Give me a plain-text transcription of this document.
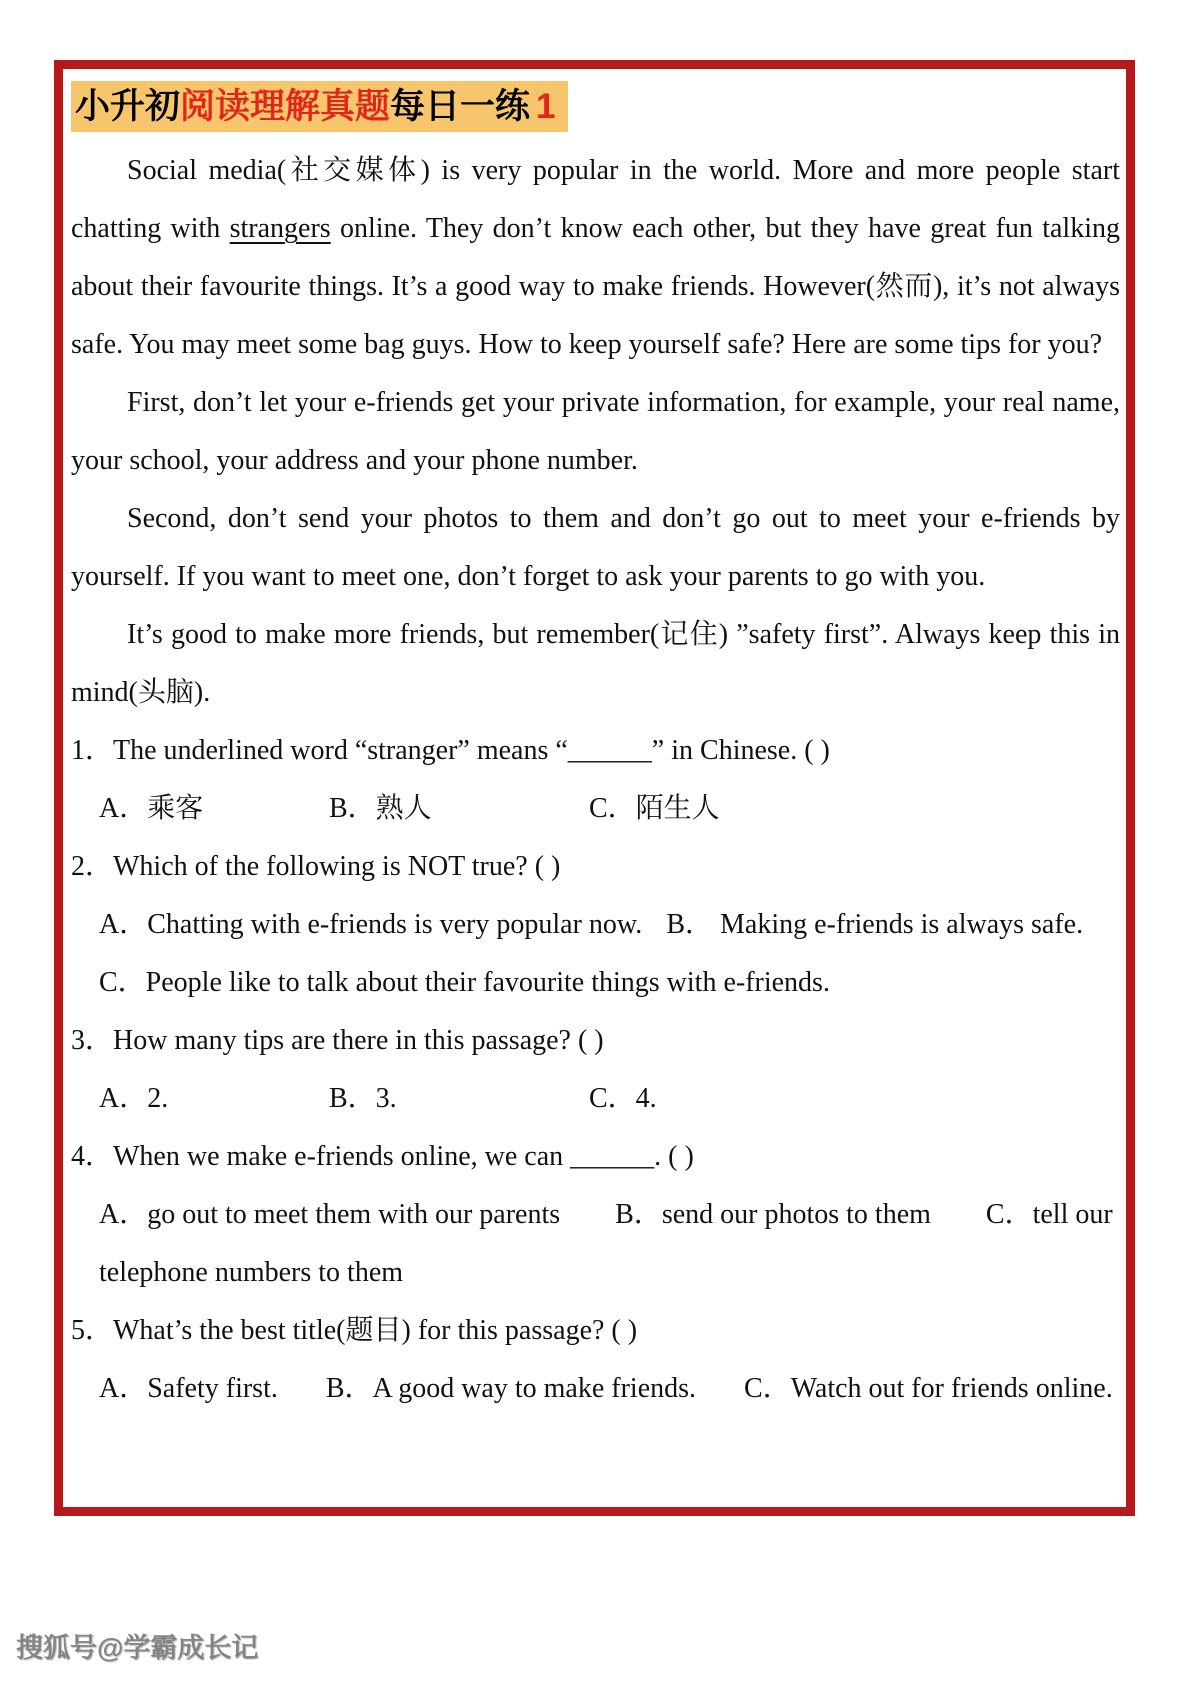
小升初阅读理解真题每日一练 1

Social media(社交媒体) is very popular in the world. More and more people start chatting with strangers online. They don’t know each other, but they have great fun talking about their favourite things. It’s a good way to make friends. However(然而), it’s not always safe. You may meet some bag guys. How to keep yourself safe? Here are some tips for you?

First, don’t let your e-friends get your private information, for example, your real name, your school, your address and your phone number.

Second, don’t send your photos to them and don’t go out to meet your e-friends by yourself. If you want to meet one, don’t forget to ask your parents to go with you.

It’s good to make more friends, but remember(记住) ”safety first”. Always keep this in mind(头脑).

1．The underlined word “stranger” means “______” in Chinese. ( )

A．乘客	B．熟人	C．陌生人

2．Which of the following is NOT true? ( )

A．Chatting with e-friends is very popular now. B． Making e-friends is always safe.
C．People like to talk about their favourite things with e-friends.

3．How many tips are there in this passage? ( )

A．2.	B．3.	C．4.

4．When we make e-friends online, we can ______. ( )

A．go out to meet them with our parents B．send our photos to them C．tell our
telephone numbers to them

5．What’s the best title(题目) for this passage? ( )

A．Safety first. B．A good way to make friends. C．Watch out for friends online.
搜狐号@学霸成长记
